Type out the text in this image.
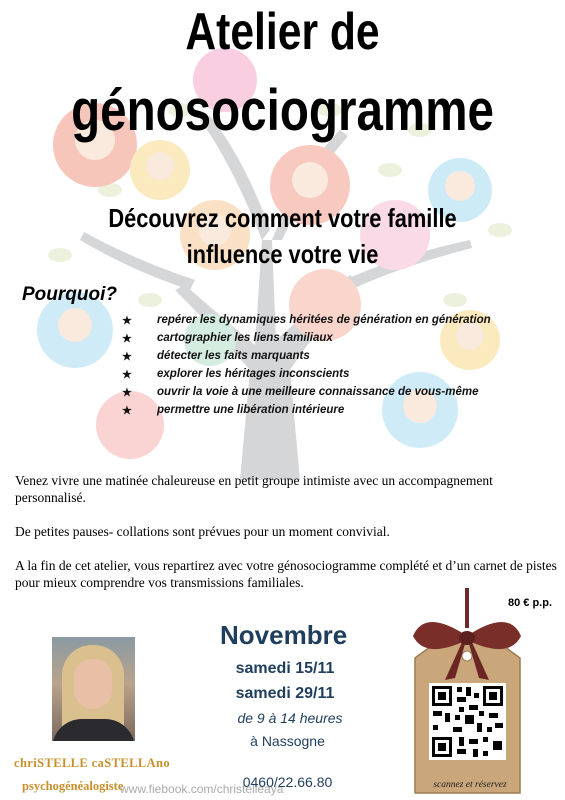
Atelier de
génosociogramme
Découvrez comment votre famille influence votre vie
Pourquoi?
★	repérer les dynamiques héritées de génération en génération
★	cartographier les liens familiaux
★	détecter les faits marquants
★	explorer les héritages inconscients
★	ouvrir la voie à une meilleure connaissance de vous-même
★	permettre une libération intérieure

Venez vivre une matinée chaleureuse en petit groupe intimiste avec un accompagnement personnalisé.

De petites pauses- collations sont prévues pour un moment convivial.

A la fin de cet atelier, vous repartirez avec votre génosociogramme complété et d’un carnet de pistes pour mieux comprendre vos transmissions familiales.

80 € p.p.
Novembre
samedi 15/11
samedi 29/11
de 9 à 14 heures
à Nassogne
chriSTELLE caSTELLAno
www.fiebook.com/christelleaya
psychogénéalogiste	0460/22.66.80	scannez et réservez
